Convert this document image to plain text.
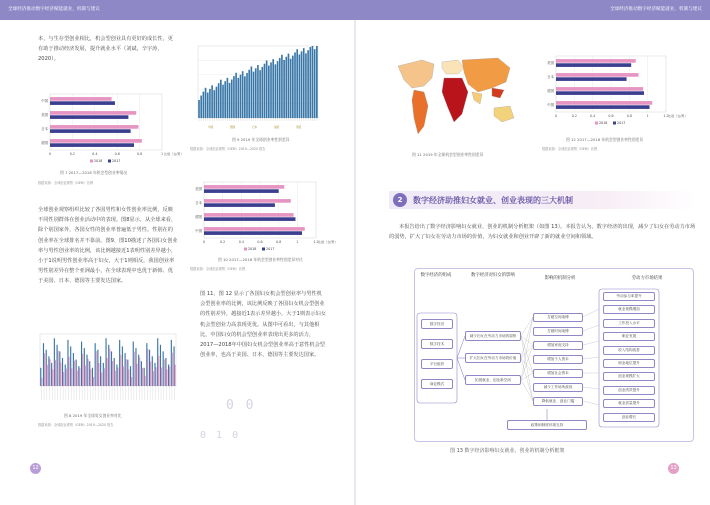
全球经济推动数字经济赋能就业，机制与建议	全球经济推动数字经济赋能就业，机制与建议
本，与生存型创业相比，机会型创业具有更好的成长性，更有助于推动经济发展，提升就业水平（刘斌，辛宇涛，2020）。
0	0.2	0.4	0.6	0.8	1
中国
美国
日本
德国
比值（女/男）
2018	2017
图 7 2017—2018 年机会型创业率情况
数据来源：全球创业观察（GEM）官网
全球创业观察组织比较了各国男性和女性创业率比例，反映不同性别群体在创业活动中的表现。图8显示，从全球来看，除个别国家外，各国女性的创业率普遍低于男性。性别在的创业率在全球排名并不靠前。图9、图10描述了各国妇女创业率与男性创业率的比例，该比例越接近1表明性别差异越小，小于1说明男性创业率高于妇女，大于1则相反。我国创业率男性别差异在整个亚洲最小，在全球表现中也优于新韩、优于美国、日本、德国等主要发达国家。
图 8 2019 年全球男女创业率对比
数据来源：全球创业观察（GEM）2019—2020 报告
中国	德国	日本	美国	英国
图 9 2019 年全球创业率性别差异
数据来源：全球创业观察（GEM）2019—2020 报告
0	0.2	0.4	0.6	0.8	1	1.2
美国
日本
德国
中国
比值（女/男）
2018	2017
图 10 2017—2018 年机会型创业率性别差异对比
数据来源：全球创业观察（GEM）官网
图 11、图 12 显示了各国妇女机会型创业率与男性机会型创业率的比例，该比例反映了各国妇女机会型创业的性别差异，越接近1表示差异越小，大于1则表示妇女机会型创业力高表现更优。从图中可看出，与其他相比，中国妇女的机会型创业率表现出更多的活力，2017—2018年中国妇女机会型创业率高于意性机会型创业率，也高于美国、日本、德国等主要发达国家。
0 0
0 1 0
图 11 2019 年全球机会型创业率性别差异
0	0.2	0.4	0.6	0.8	1	1.2
美国
日本
德国
中国
比值（女/男）
2018	2017
图 12 2017—2018 年机会型创业率性别差异
数据来源：全球创业观察（GEM）官网
2	数字经济助推妇女就业、创业表现的三大机制
本报告给出了数字经济影响妇女就业、创业的机制分析框架（如图 13）。本报告认为，数字经济的出现，减少了妇女在劳动力市场的弱势，扩大了妇女在劳动力市场的价值，为妇女就业和创业开辟了新的就业空间和领域。
数字经济的组成	数字经济对妇女的影响
影响的机制分析	劳动力市场结果
数字经济
数字技术
平台组织
商业模式
减少妇女在劳动力市场的弱势
扩大妇女在劳动力市场的价值
拓展就业、创业新空间
打破空间束缚
打破时间束缚
增加家庭支持
增加个人资本
增加社会资本
减少工作场所歧视
降低就业、创业门槛
劳动参与率提升
就业规模增加
工作投入水平
职业发展
收入结构改善
职业地位提升
创业规模扩大
创业绩效提升
就业质量提升
创业增长
政策和制度环境支持
图 13 数字经济影响妇女就业、创业的机制分析框架
12	13
